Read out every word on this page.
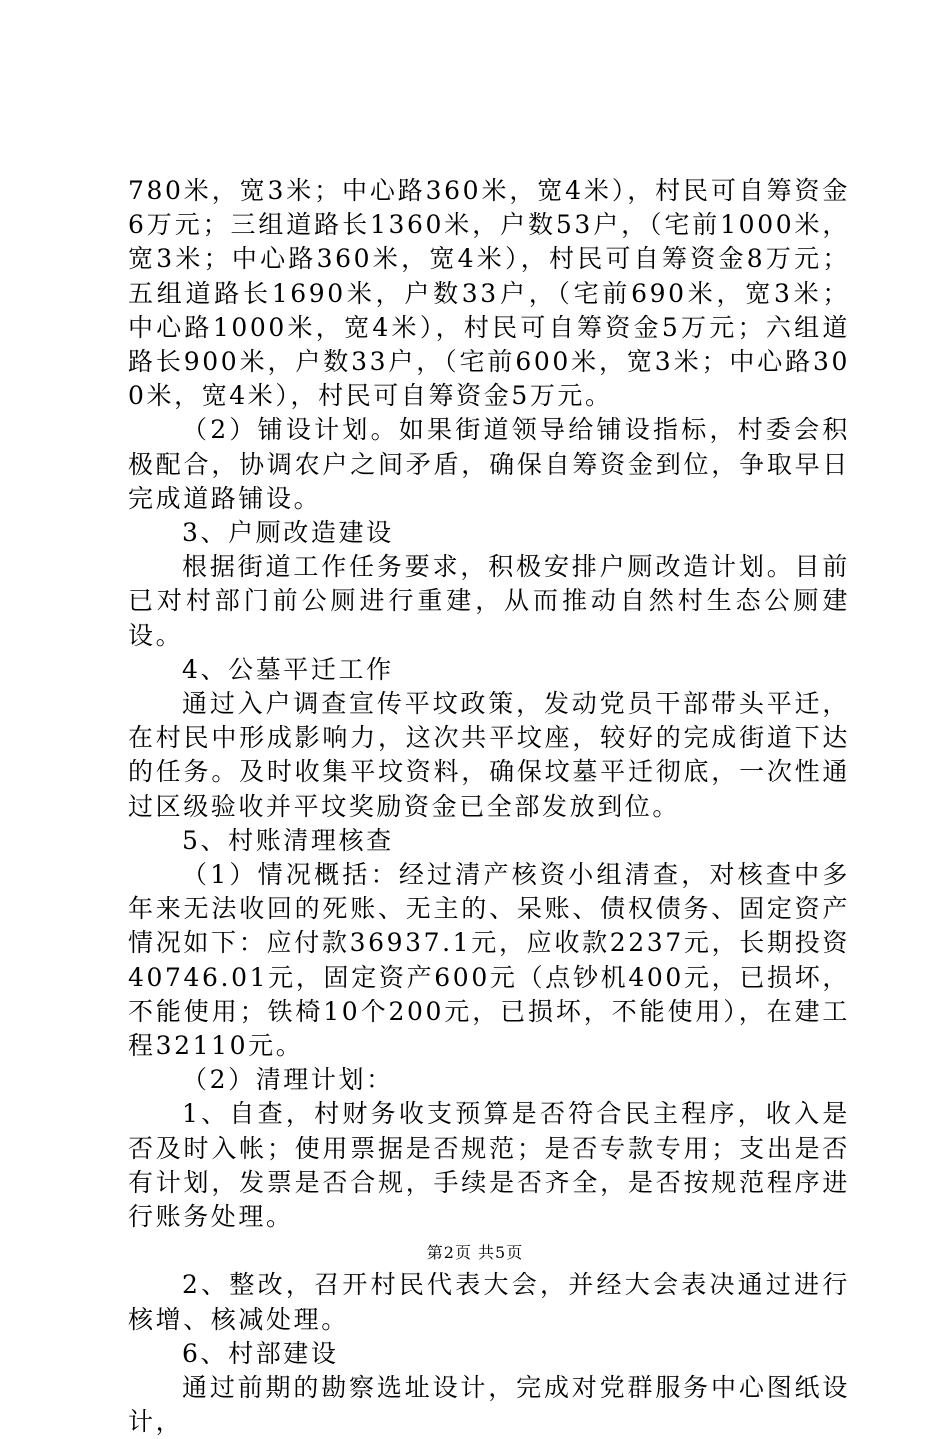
780米，宽3米；中心路360米，宽4米），村民可自筹资金6万元；三组道路长1360米，户数53户，（宅前1000米，宽3米；中心路360米，宽4米），村民可自筹资金8万元；五组道路长1690米，户数33户，（宅前690米，宽3米；中心路1000米，宽4米），村民可自筹资金5万元；六组道路长900米，户数33户，（宅前600米，宽3米；中心路300米，宽4米），村民可自筹资金5万元。

（2）铺设计划。如果街道领导给铺设指标，村委会积极配合，协调农户之间矛盾，确保自筹资金到位，争取早日完成道路铺设。

3、户厕改造建设

根据街道工作任务要求，积极安排户厕改造计划。目前已对村部门前公厕进行重建，从而推动自然村生态公厕建设。

4、公墓平迁工作

通过入户调查宣传平坟政策，发动党员干部带头平迁，在村民中形成影响力，这次共平坟座，较好的完成街道下达的任务。及时收集平坟资料，确保坟墓平迁彻底，一次性通过区级验收并平坟奖励资金已全部发放到位。

5、村账清理核查

（1）情况概括：经过清产核资小组清查，对核查中多年来无法收回的死账、无主的、呆账、债权债务、固定资产情况如下：应付款36937.1元，应收款2237元，长期投资40746.01元，固定资产600元（点钞机400元，已损坏，不能使用；铁椅10个200元，已损坏，不能使用），在建工程32110元。

（2）清理计划：

1、自查，村财务收支预算是否符合民主程序，收入是否及时入帐；使用票据是否规范；是否专款专用；支出是否有计划，发票是否合规，手续是否齐全，是否按规范程序进行账务处理。

2、整改，召开村民代表大会，并经大会表决通过进行核增、核减处理。

6、村部建设

通过前期的勘察选址设计，完成对党群服务中心图纸设计，

第2页 共5页
